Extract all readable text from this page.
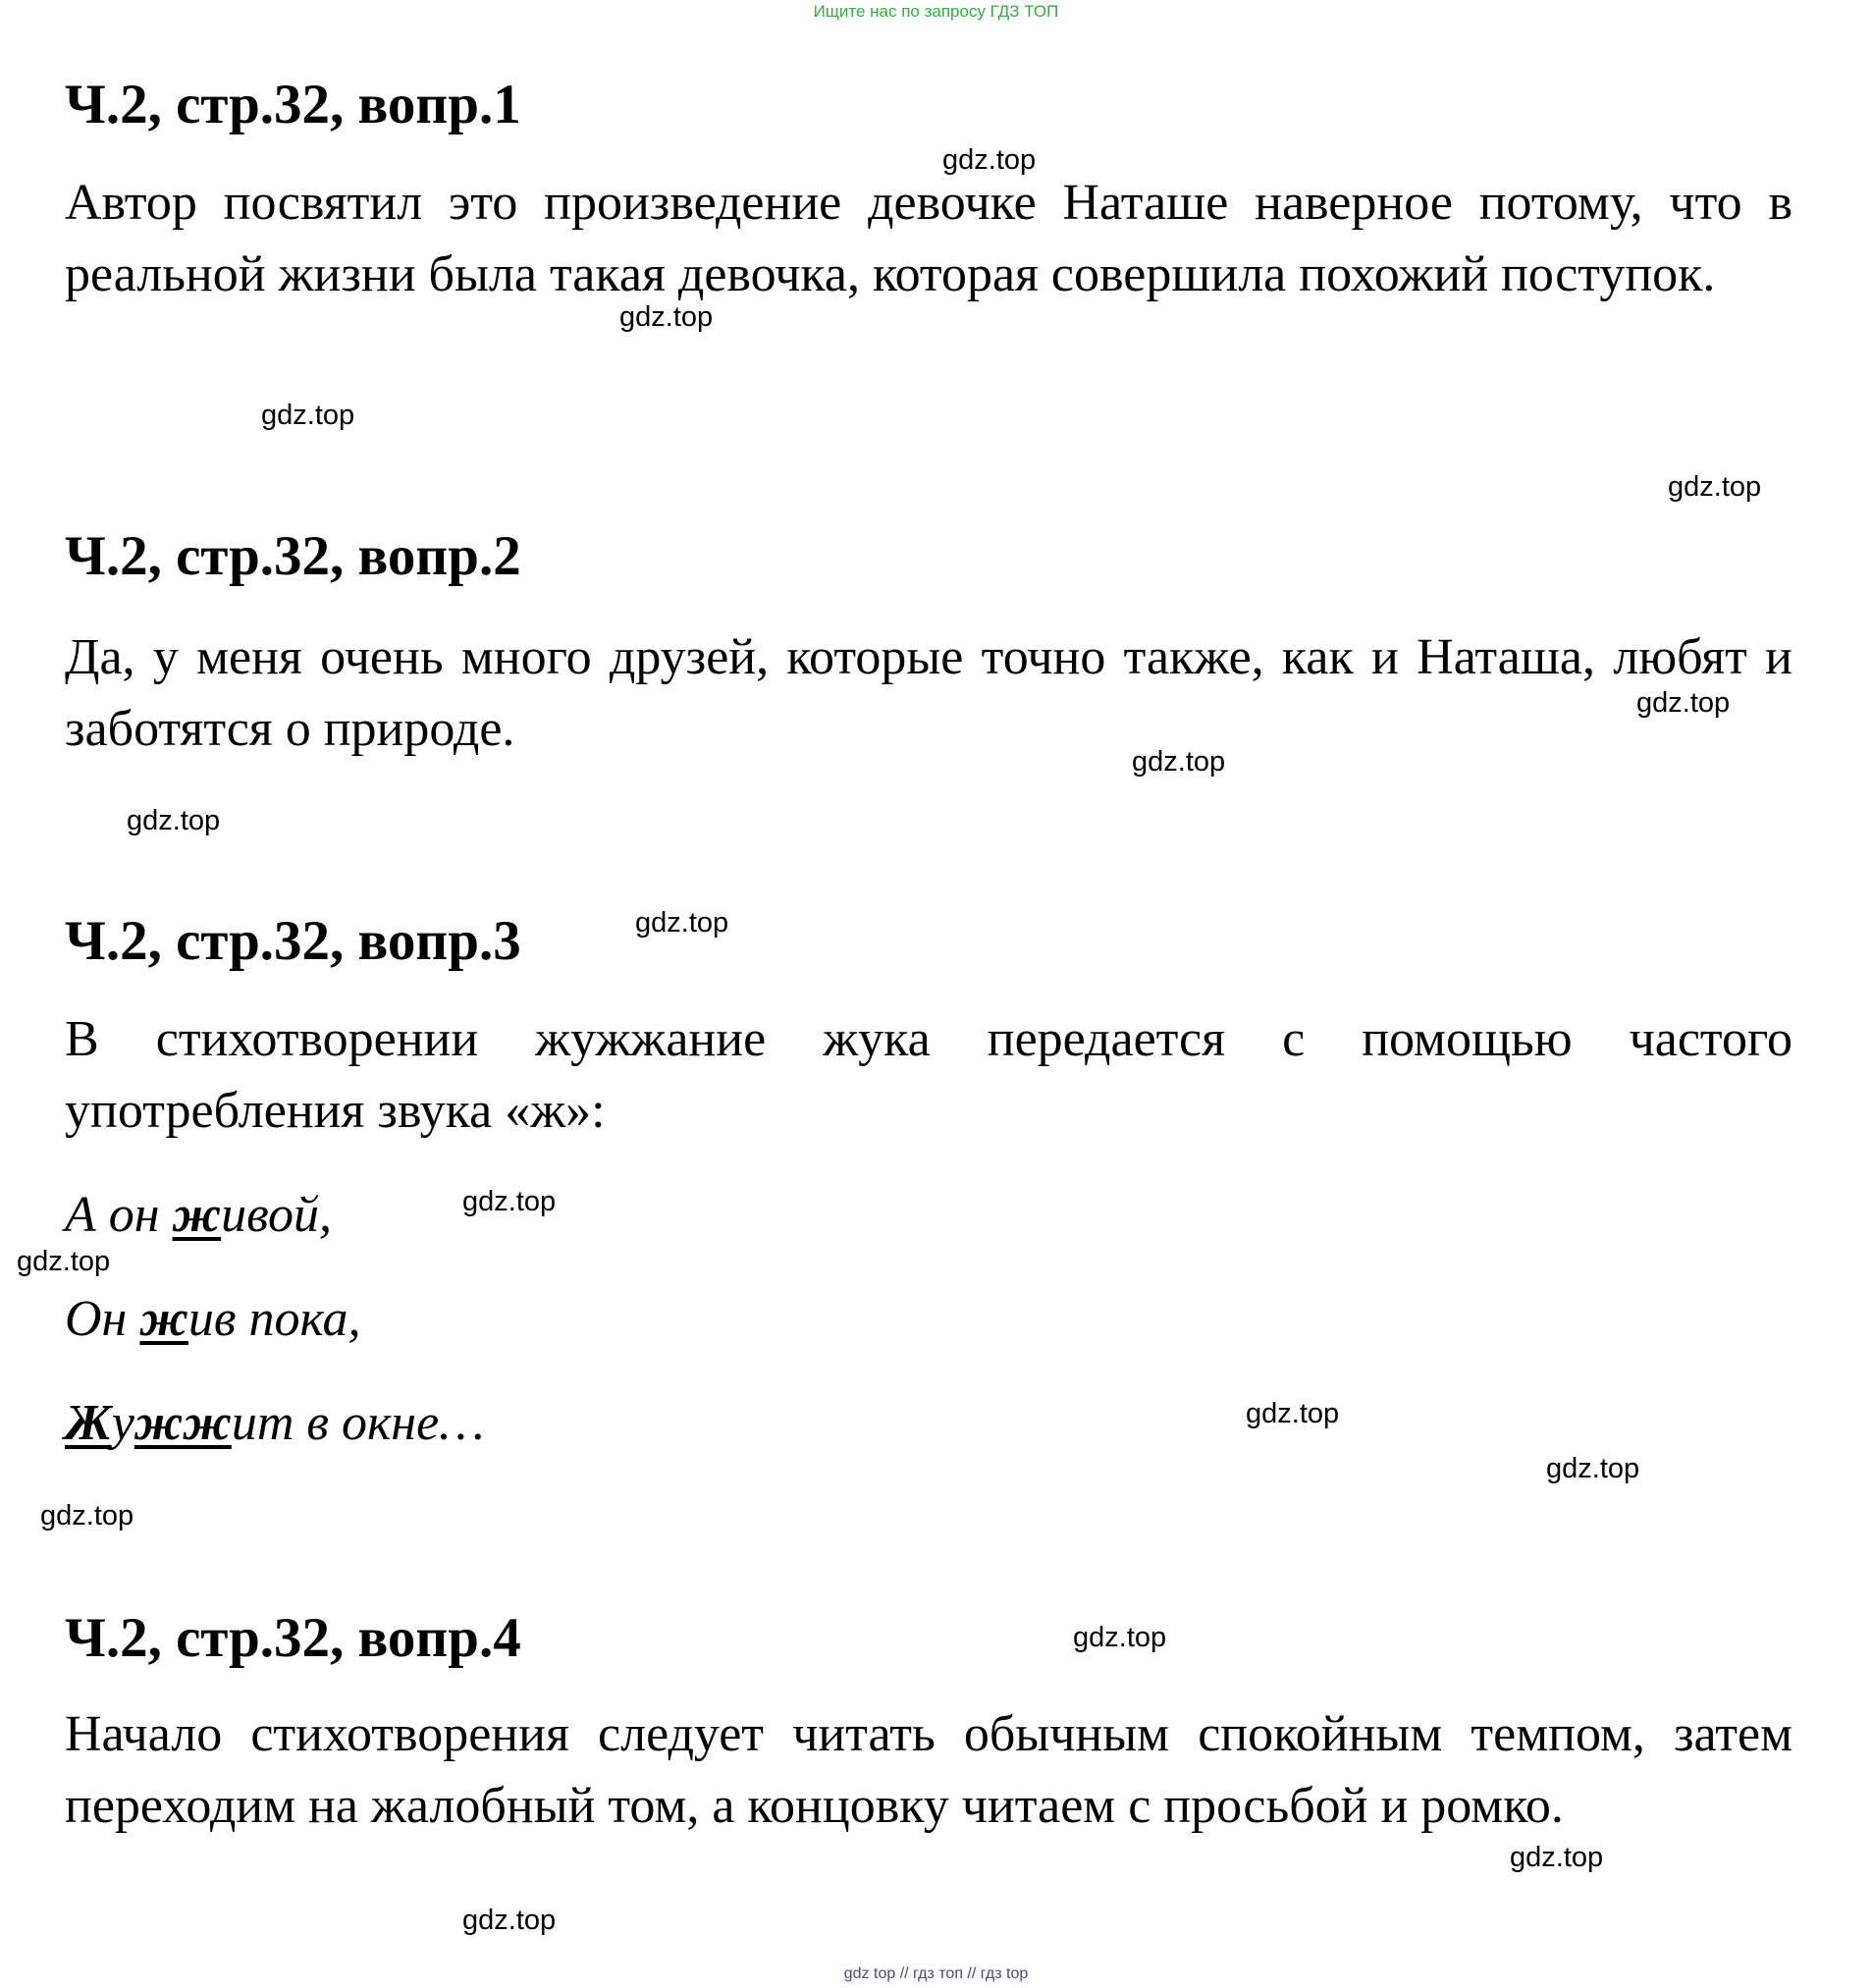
Ищите нас по запросу ГДЗ ТОП
Ч.2, стр.32, вопр.1

Автор посвятил это произведение девочке Наташе наверное потому, что в реальной жизни была такая девочка, которая совершила похожий поступок.

Ч.2, стр.32, вопр.2

Да, у меня очень много друзей, которые точно также, как и Наташа, любят и заботятся о природе.

Ч.2, стр.32, вопр.3

В стихотворении жужжание жука передается с помощью частого употребления звука «ж»:

А он живой,
Он жив пока,
Жужжит в окне…
Ч.2, стр.32, вопр.4

Начало стихотворения следует читать обычным спокойным темпом, затем переходим на жалобный том, а концовку читаем с просьбой и ромко.

gdz.top
gdz.top
gdz.top
gdz.top
gdz.top
gdz.top
gdz.top
gdz.top
gdz.top
gdz.top
gdz.top
gdz.top
gdz.top
gdz.top
gdz.top
gdz.top
gdz top // гдз топ // гдз top
